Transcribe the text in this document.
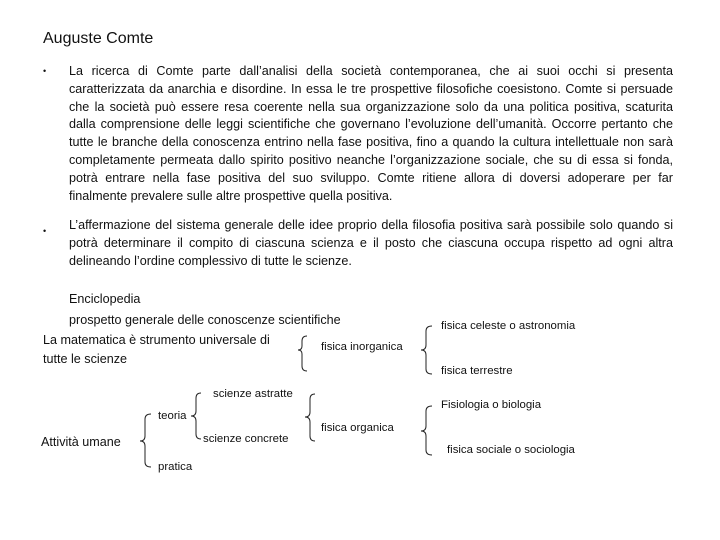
Auguste Comte
• La ricerca di Comte parte dall’analisi della società contemporanea, che ai suoi occhi si presenta caratterizzata da anarchia e disordine. In essa le tre prospettive filosofiche coesistono. Comte si persuade che la società può essere resa coerente nella sua organizzazione solo da una politica positiva, scaturita dalla comprensione delle leggi scientifiche che governano l’evoluzione dell’umanità. Occorre pertanto che tutte le branche della conoscenza entrino nella fase positiva, fino a quando la cultura intellettuale non sarà completamente permeata dallo spirito positivo neanche l’organizzazione sociale, che su di essa si fonda, potrà entrare nella fase positiva del suo sviluppo. Comte ritiene allora di doversi adoperare per far finalmente prevalere sulle altre prospettive quella positiva.
• L’affermazione del sistema generale delle idee proprio della filosofia positiva sarà possibile solo quando si potrà determinare il compito di ciascuna scienza e il posto che ciascuna occupa rispetto ad ogni altra delineando l’ordine complessivo di tutte le scienze.
Enciclopedia
prospetto generale delle conoscenze scientifiche
La matematica è strumento universale di
tutte le scienze
fisica inorganica
fisica celeste o astronomia
fisica terrestre
scienze astratte
teoria
scienze concrete
Attività umane
pratica
fisica organica
Fisiologia o biologia
fisica sociale o sociologia
